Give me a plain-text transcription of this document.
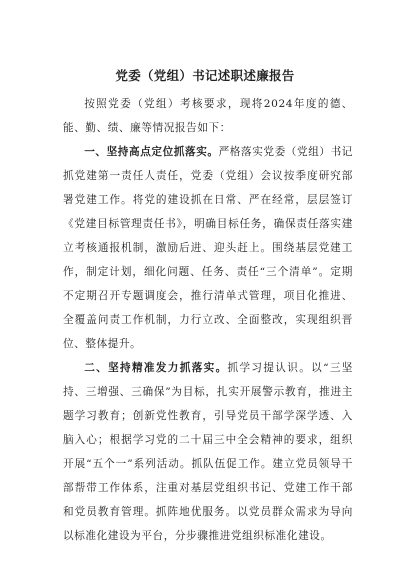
党委（党组）书记述职述廉报告

按照党委（党组）考核要求，现将2024年度的德、能、勤、绩、廉等情况报告如下：

一、坚持高点定位抓落实。严格落实党委（党组）书记抓党建第一责任人责任，党委（党组）会议按季度研究部署党建工作。将党的建设抓在日常、严在经常，层层签订《党建目标管理责任书》，明确目标任务，确保责任落实建立考核通报机制，激励后进、迎头赶上。围绕基层党建工作，制定计划，细化问题、任务、责任“三个清单”。定期不定期召开专题调度会，推行清单式管理，项目化推进、全覆盖问责工作机制，力行立改、全面整改，实现组织晋位、整体提升。

二、坚持精准发力抓落实。抓学习提认识。以“三坚持、三增强、三确保”为目标，扎实开展警示教育，推进主题学习教育；创新党性教育，引导党员干部学深学透、入脑入心；根据学习党的二十届三中全会精神的要求，组织开展“五个一”系列活动。抓队伍促工作。建立党员领导干部帮带工作体系，注重对基层党组织书记、党建工作干部和党员教育管理。抓阵地优服务。以党员群众需求为导向以标准化建设为平台，分步骤推进党组织标准化建设。
